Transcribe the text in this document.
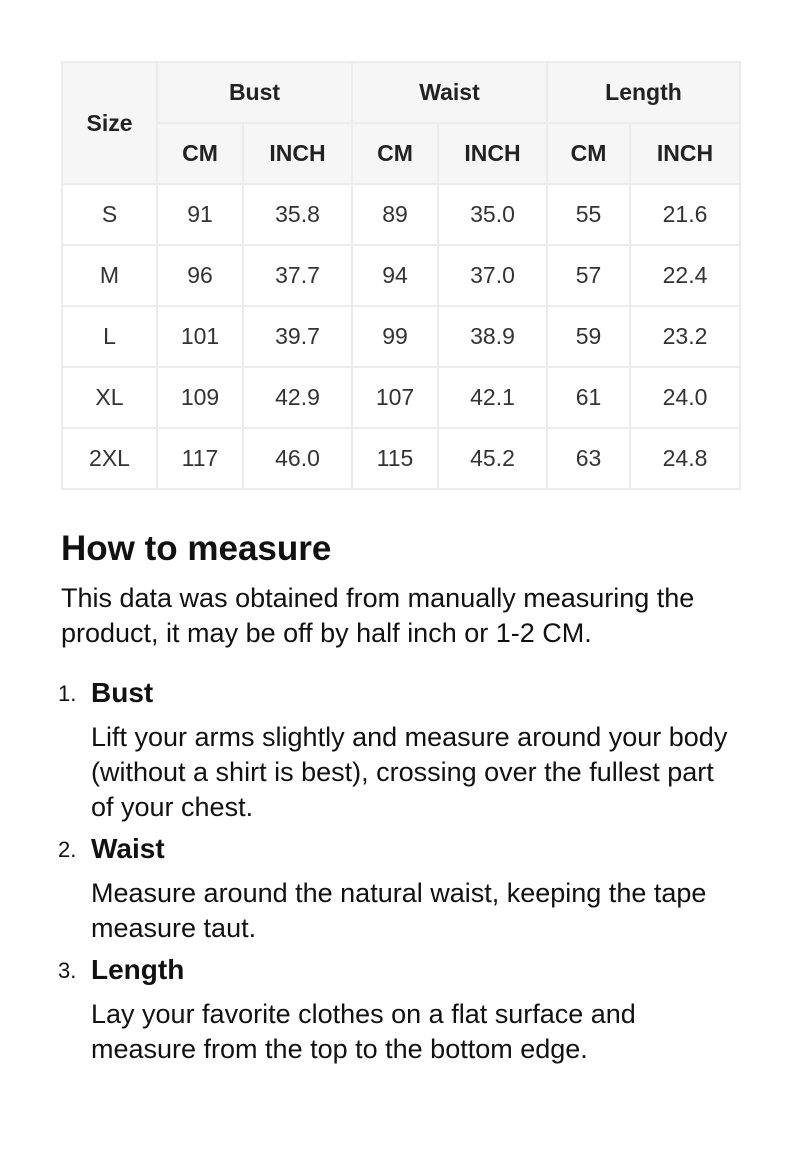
Size	Bust		Waist		Length	
	CM	INCH	CM	INCH	CM	INCH
S	91	35.8	89	35.0	55	21.6
M	96	37.7	94	37.0	57	22.4
L	101	39.7	99	38.9	59	23.2
XL	109	42.9	107	42.1	61	24.0
2XL	117	46.0	115	45.2	63	24.8
How to measure

This data was obtained from manually measuring the product, it may be off by half inch or 1-2 CM.

1. Bust
Lift your arms slightly and measure around your body (without a shirt is best), crossing over the fullest part of your chest.
2. Waist
Measure around the natural waist, keeping the tape measure taut.
3. Length
Lay your favorite clothes on a flat surface and measure from the top to the bottom edge.
